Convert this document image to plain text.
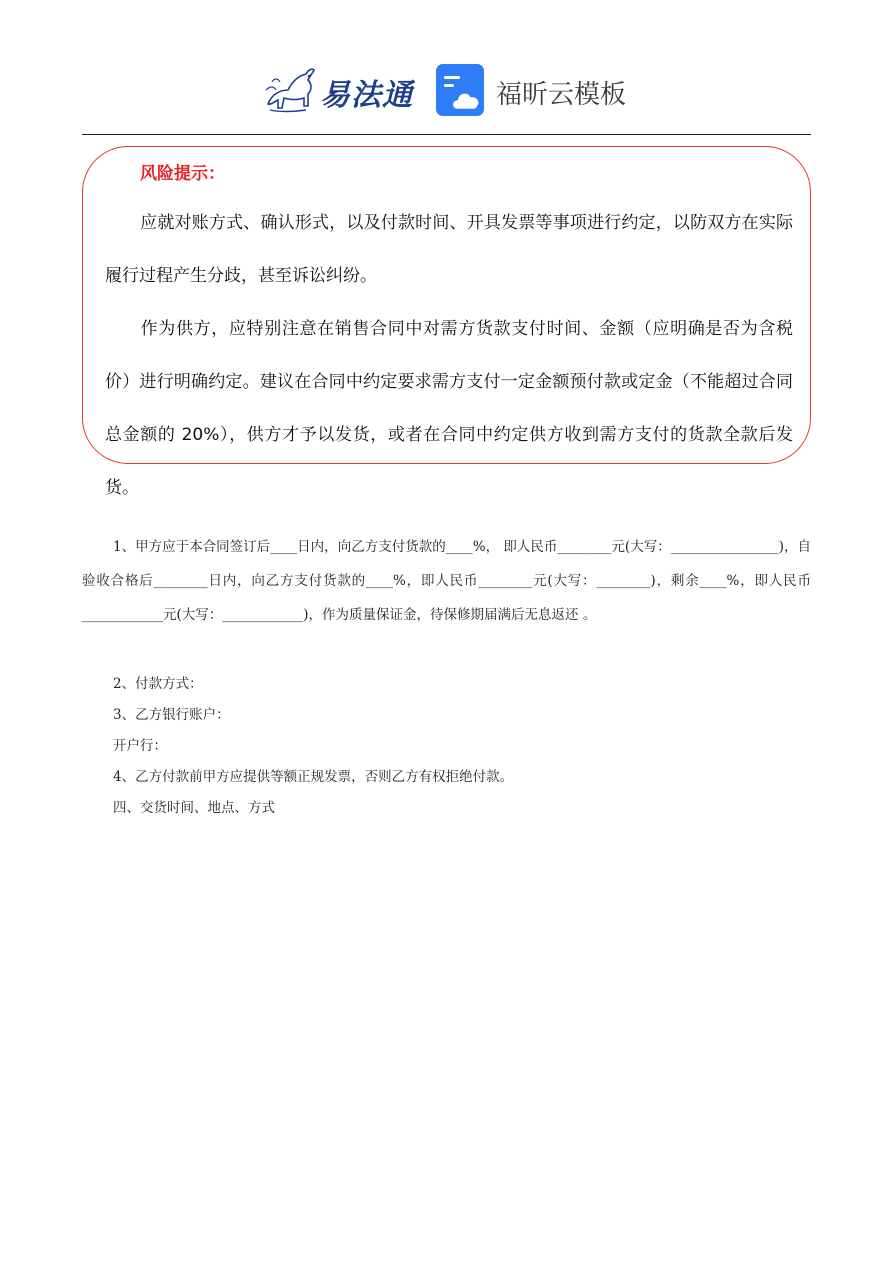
易法通	福昕云模板
风险提示：

应就对账方式、确认形式，以及付款时间、开具发票等事项进行约定，以防双方在实际履行过程产生分歧，甚至诉讼纠纷。

作为供方，应特别注意在销售合同中对需方货款支付时间、金额（应明确是否为含税价）进行明确约定。建议在合同中约定要求需方支付一定金额预付款或定金（不能超过合同总金额的 20%），供方才予以发货，或者在合同中约定供方收到需方支付的货款全款后发货。

1、甲方应于本合同签订后____日内，向乙方支付货款的____%， 即人民币________元(大写：________________)，自验收合格后________日内，向乙方支付货款的____%，即人民币________元(大写：________)，剩余____%，即人民币____________元(大写：____________)，作为质量保证金，待保修期届满后无息返还 。
2、付款方式：
3、乙方银行账户：
开户行：
4、乙方付款前甲方应提供等额正规发票，否则乙方有权拒绝付款。
四、交货时间、地点、方式
